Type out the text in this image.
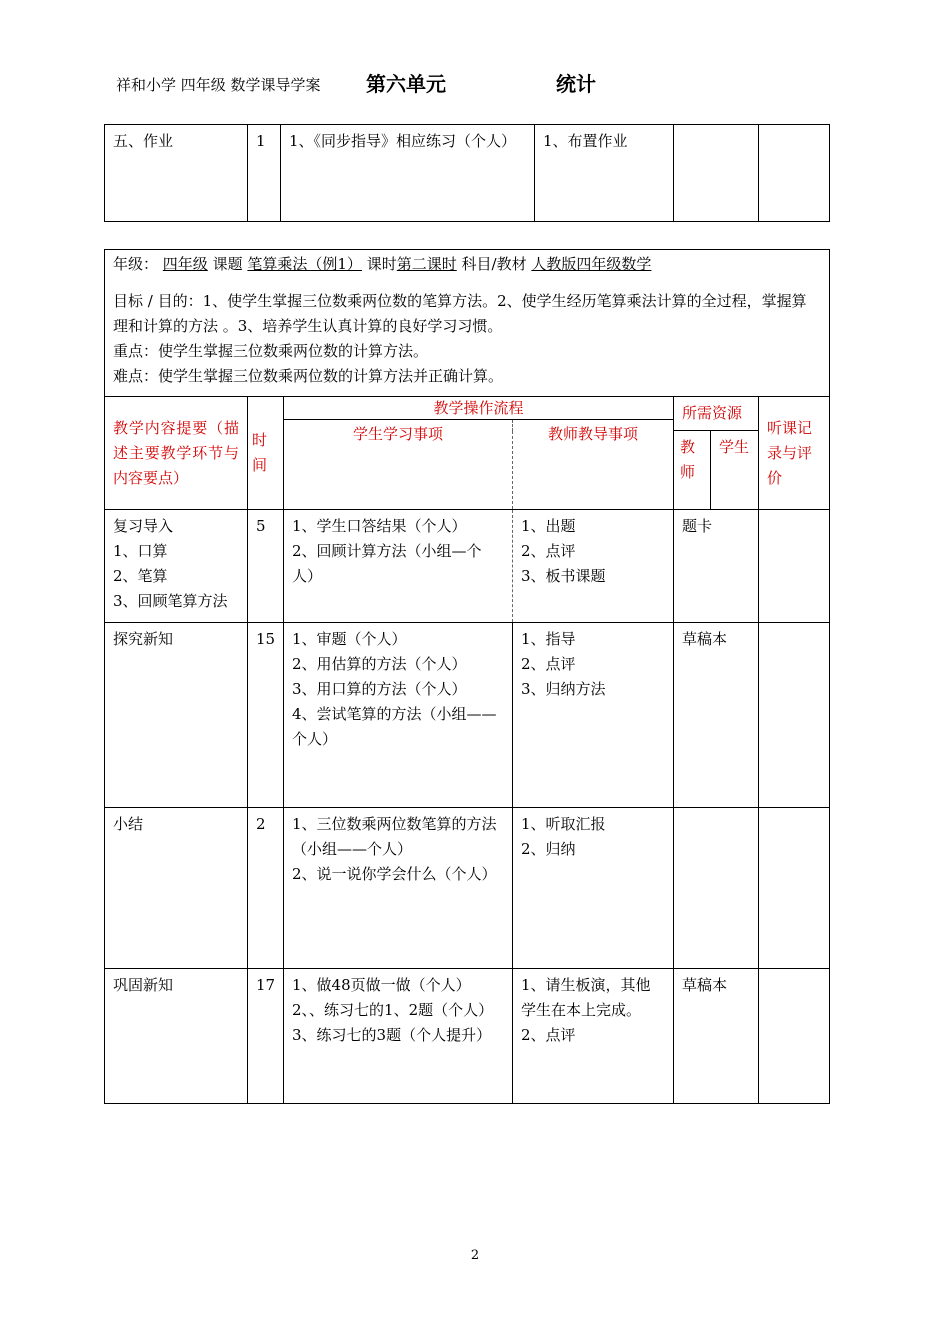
祥和小学 四年级 数学课导学案 第六单元	统计
五、作业	1	1、《同步指导》相应练习（个人）	1、布置作业		
年级： 四年级 课题 笔算乘法（例1） 课时第二课时 科目/教材 人教版四年级数学
目标 / 目的：1、使学生掌握三位数乘两位数的笔算方法。2、使学生经历笔算乘法计算的全过程，掌握算理和计算的方法 。3、培养学生认真计算的良好学习习惯。
重点：使学生掌握三位数乘两位数的计算方法。
难点：使学生掌握三位数乘两位数的计算方法并正确计算。						

教学内容提要（描述主要教学环节与内容要点）	时间	教学操作流程		所需资源		听课记录与评价
		学生学习事项	教师教导事项			
				教师	学生	

复习导入
1、口算
2、笔算
3、回顾笔算方法	5	1、学生口答结果（个人）
2、回顾计算方法（小组—个人）	1、出题
2、点评
3、板书课题	题卡		

探究新知	15	1、审题（个人）
2、用估算的方法（个人）
3、用口算的方法（个人）
4、尝试笔算的方法（小组——个人）	1、指导
2、点评
3、归纳方法	草稿本		

小结	2	1、三位数乘两位数笔算的方法（小组——个人）
2、说一说你学会什么（个人）	1、听取汇报
2、归纳			

巩固新知	17	1、做48页做一做（个人）
2、、练习七的1、2题（个人）
3、练习七的3题（个人提升）	1、请生板演，其他学生在本上完成。
2、点评	草稿本		
2
